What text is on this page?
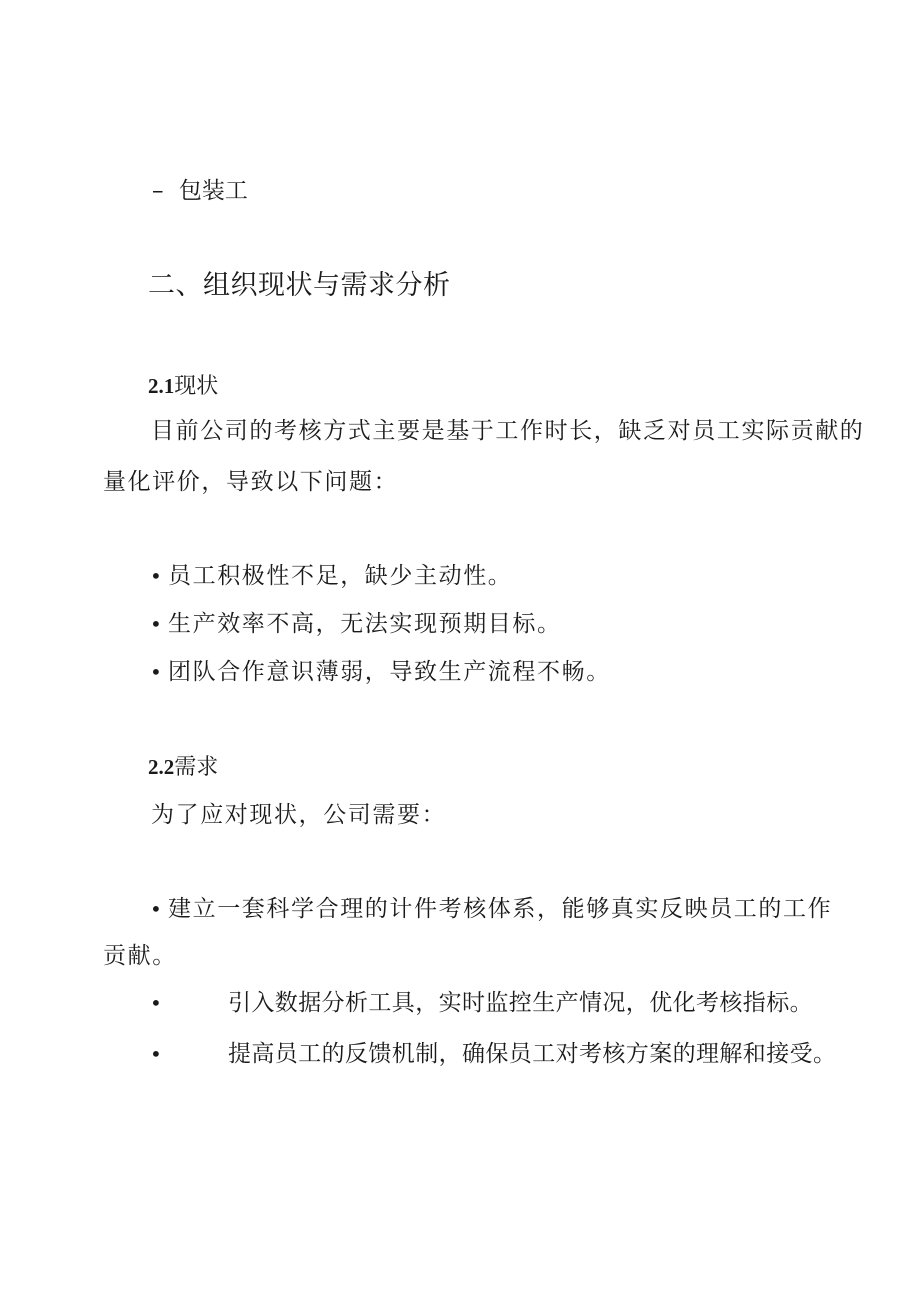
– 包装工
二、组织现状与需求分析
2.1现状
目前公司的考核方式主要是基于工作时长，缺乏对员工实际贡献的
量化评价，导致以下问题：
• 员工积极性不足，缺少主动性。
• 生产效率不高，无法实现预期目标。
• 团队合作意识薄弱，导致生产流程不畅。
2.2需求
为了应对现状，公司需要：
• 建立一套科学合理的计件考核体系，能够真实反映员工的工作
贡献。
•	引入数据分析工具，实时监控生产情况，优化考核指标。
•	提高员工的反馈机制，确保员工对考核方案的理解和接受。
